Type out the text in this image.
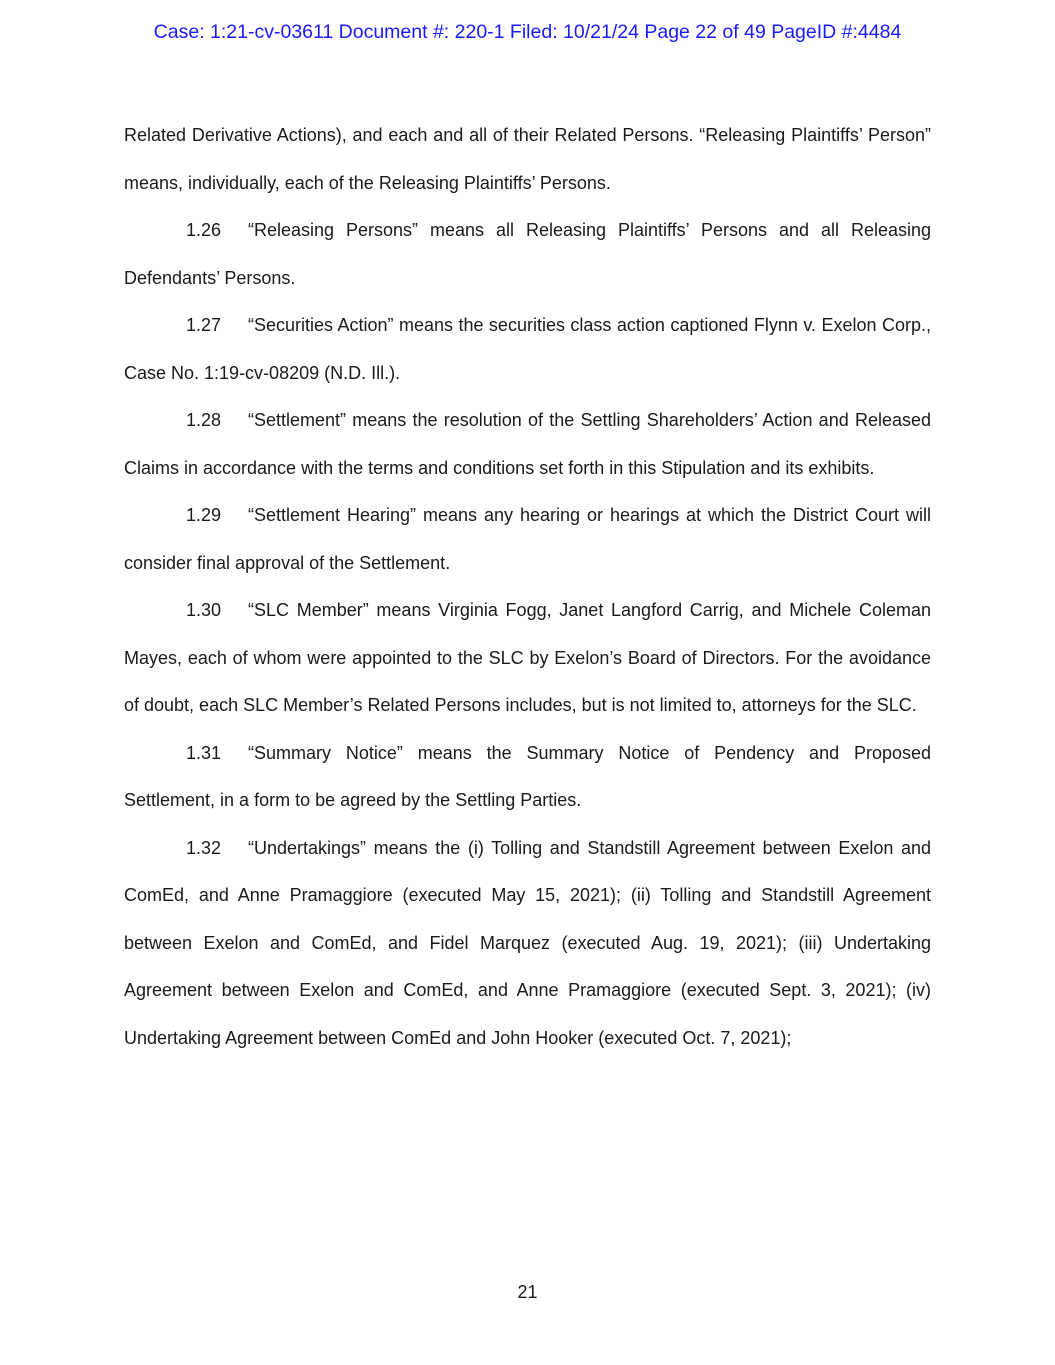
Case: 1:21-cv-03611 Document #: 220-1 Filed: 10/21/24 Page 22 of 49 PageID #:4484

Related Derivative Actions), and each and all of their Related Persons. “Releasing Plaintiffs’ Person” means, individually, each of the Releasing Plaintiffs’ Persons.

1.26 “Releasing Persons” means all Releasing Plaintiffs’ Persons and all Releasing Defendants’ Persons.

1.27 “Securities Action” means the securities class action captioned Flynn v. Exelon Corp., Case No. 1:19-cv-08209 (N.D. Ill.).

1.28 “Settlement” means the resolution of the Settling Shareholders’ Action and Released Claims in accordance with the terms and conditions set forth in this Stipulation and its exhibits.

1.29 “Settlement Hearing” means any hearing or hearings at which the District Court will consider final approval of the Settlement.

1.30 “SLC Member” means Virginia Fogg, Janet Langford Carrig, and Michele Coleman Mayes, each of whom were appointed to the SLC by Exelon’s Board of Directors. For the avoidance of doubt, each SLC Member’s Related Persons includes, but is not limited to, attorneys for the SLC.

1.31 “Summary Notice” means the Summary Notice of Pendency and Proposed Settlement, in a form to be agreed by the Settling Parties.

1.32 “Undertakings” means the (i) Tolling and Standstill Agreement between Exelon and ComEd, and Anne Pramaggiore (executed May 15, 2021); (ii) Tolling and Standstill Agreement between Exelon and ComEd, and Fidel Marquez (executed Aug. 19, 2021); (iii) Undertaking Agreement between Exelon and ComEd, and Anne Pramaggiore (executed Sept. 3, 2021); (iv) Undertaking Agreement between ComEd and John Hooker (executed Oct. 7, 2021);

21
